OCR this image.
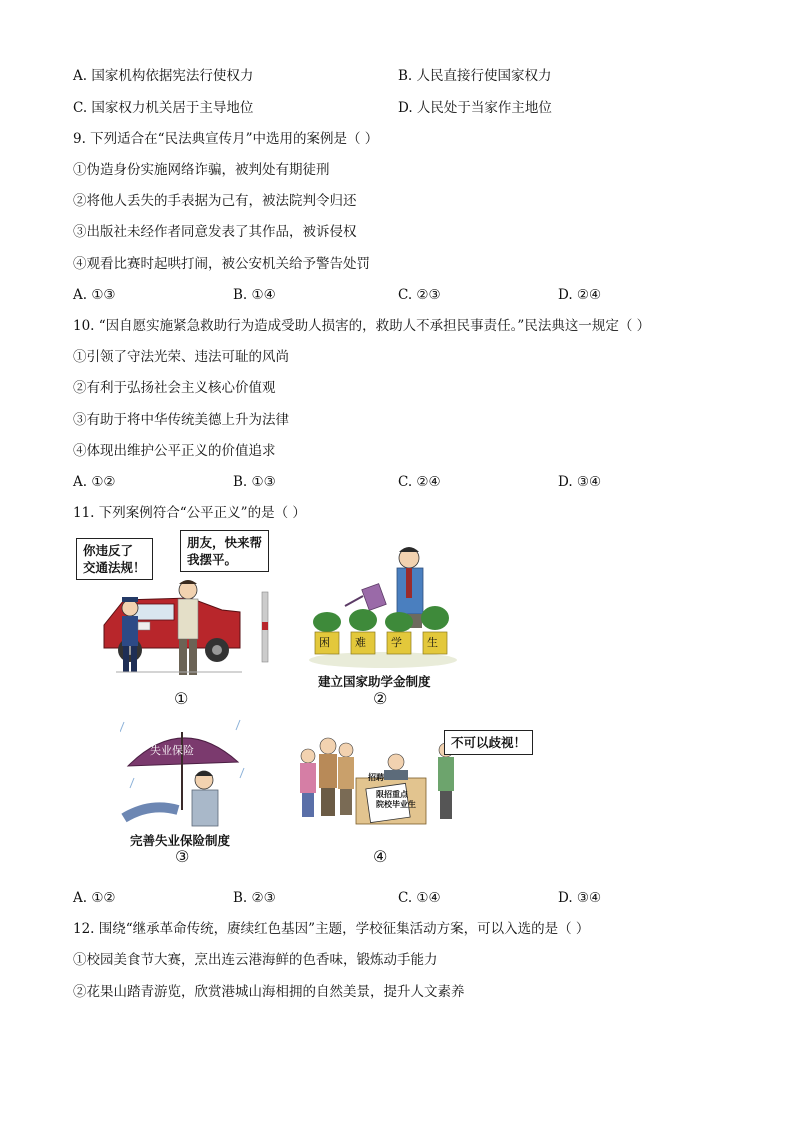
A. 国家机构依据宪法行使权力	B. 人民直接行使国家权力
C. 国家权力机关居于主导地位	D. 人民处于当家作主地位
9. 下列适合在“民法典宣传月”中选用的案例是（ ）
①伪造身份实施网络诈骗，被判处有期徒刑
②将他人丢失的手表据为己有，被法院判令归还
③出版社未经作者同意发表了其作品，被诉侵权
④观看比赛时起哄打闹，被公安机关给予警告处罚
A. ①③	B. ①④	C. ②③	D. ②④
10. “因自愿实施紧急救助行为造成受助人损害的，救助人不承担民事责任。”民法典这一规定（ ）
①引领了守法光荣、违法可耻的风尚
②有利于弘扬社会主义核心价值观
③有助于将中华传统美德上升为法律
④体现出维护公平正义的价值追求
A. ①②	B. ①③	C. ②④	D. ③④
11. 下列案例符合“公平正义”的是（ ）
你违反了
交通法规！
朋友，快来帮
我摆平。
①
困 难 学 生
建立国家助学金制度
②
失业保险
完善失业保险制度
③
不可以歧视！
招聘
限招重点
院校毕业生
④
A. ①②	B. ②③	C. ①④	D. ③④
12. 围绕“继承革命传统，赓续红色基因”主题，学校征集活动方案，可以入选的是（ ）
①校园美食节大赛，烹出连云港海鲜的色香味，锻炼动手能力
②花果山踏青游览，欣赏港城山海相拥的自然美景，提升人文素养
